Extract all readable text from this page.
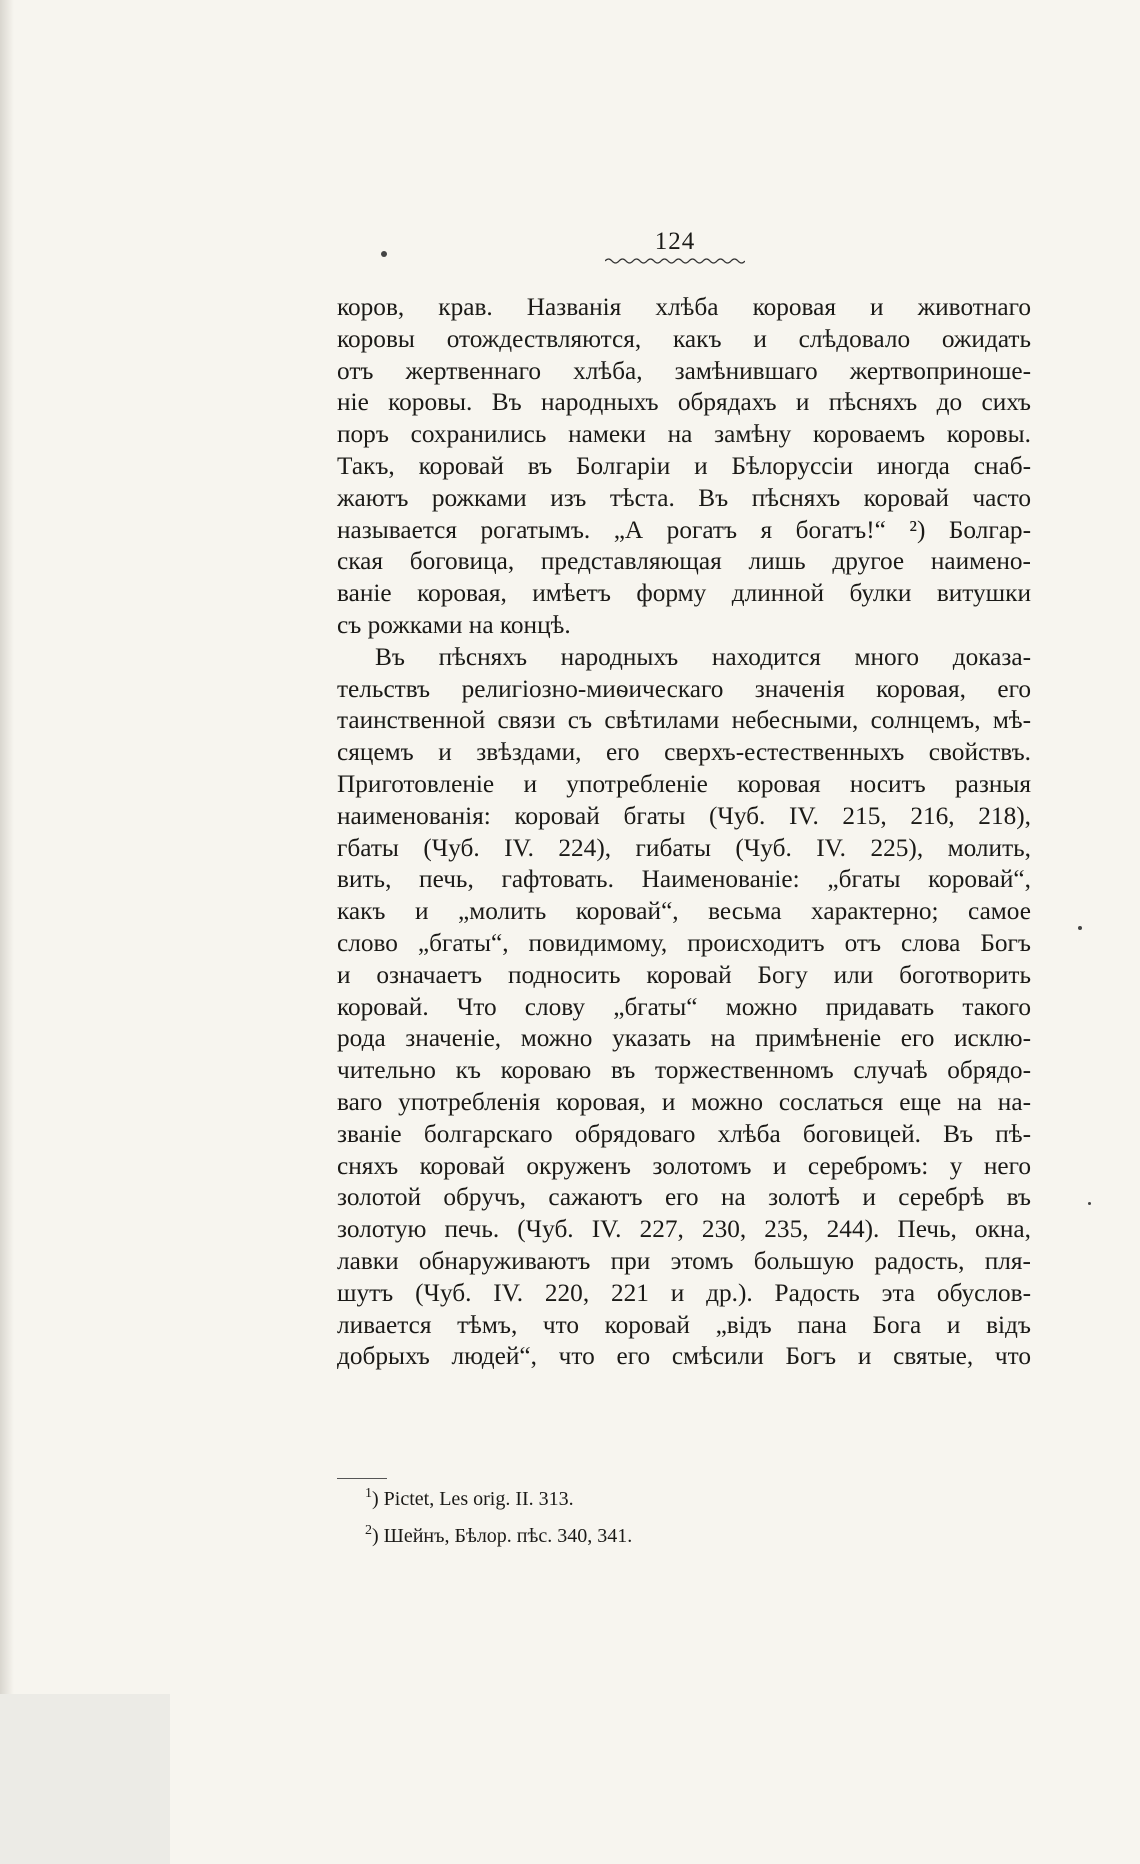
124
коров, крав. Названія хлѣба коровая и животнаго
коровы отождествляются, какъ и слѣдовало ожидать
отъ жертвеннаго хлѣба, замѣнившаго жертвоприноше-
ніе коровы. Въ народныхъ обрядахъ и пѣсняхъ до сихъ
поръ сохранились намеки на замѣну короваемъ коровы.
Такъ, коровай въ Болгаріи и Бѣлоруссіи иногда снаб-
жаютъ рожками изъ тѣста. Въ пѣсняхъ коровай часто
называется рогатымъ. „А рогатъ я богатъ!“ ²) Болгар-
ская боговица, представляющая лишь другое наимено-
ваніе коровая, имѣетъ форму длинной булки витушки
съ рожками на концѣ.
Въ пѣсняхъ народныхъ находится много доказа-
тельствъ религіозно-миѳическаго значенія коровая, его
таинственной связи съ свѣтилами небесными, солнцемъ, мѣ-
сяцемъ и звѣздами, его сверхъ-естественныхъ свойствъ.
Приготовленіе и употребленіе коровая носитъ разныя
наименованія: коровай бгаты (Чуб. IV. 215, 216, 218),
гбаты (Чуб. IV. 224), гибаты (Чуб. IV. 225), молить,
вить, печь, гафтовать. Наименованіе: „бгаты коровай“,
какъ и „молить коровай“, весьма характерно; самое
слово „бгаты“, повидимому, происходитъ отъ слова Богъ
и означаетъ подносить коровай Богу или боготворить
коровай. Что слову „бгаты“ можно придавать такого
рода значеніе, можно указать на примѣненіе его исклю-
чительно къ короваю въ торжественномъ случаѣ обрядо-
ваго употребленія коровая, и можно сослаться еще на на-
званіе болгарскаго обрядоваго хлѣба боговицей. Въ пѣ-
сняхъ коровай окруженъ золотомъ и серебромъ: у него
золотой обручъ, сажаютъ его на золотѣ и серебрѣ въ
золотую печь. (Чуб. IV. 227, 230, 235, 244). Печь, окна,
лавки обнаруживаютъ при этомъ большую радость, пля-
шутъ (Чуб. IV. 220, 221 и др.). Радость эта обуслов-
ливается тѣмъ, что коровай „відъ пана Бога и відъ
добрыхъ людей“, что его смѣсили Богъ и святые, что
$^1$) Pictet, Les orig. II. 313.
$^2$) Шейнъ, Бѣлор. пѣс. 340, 341.
